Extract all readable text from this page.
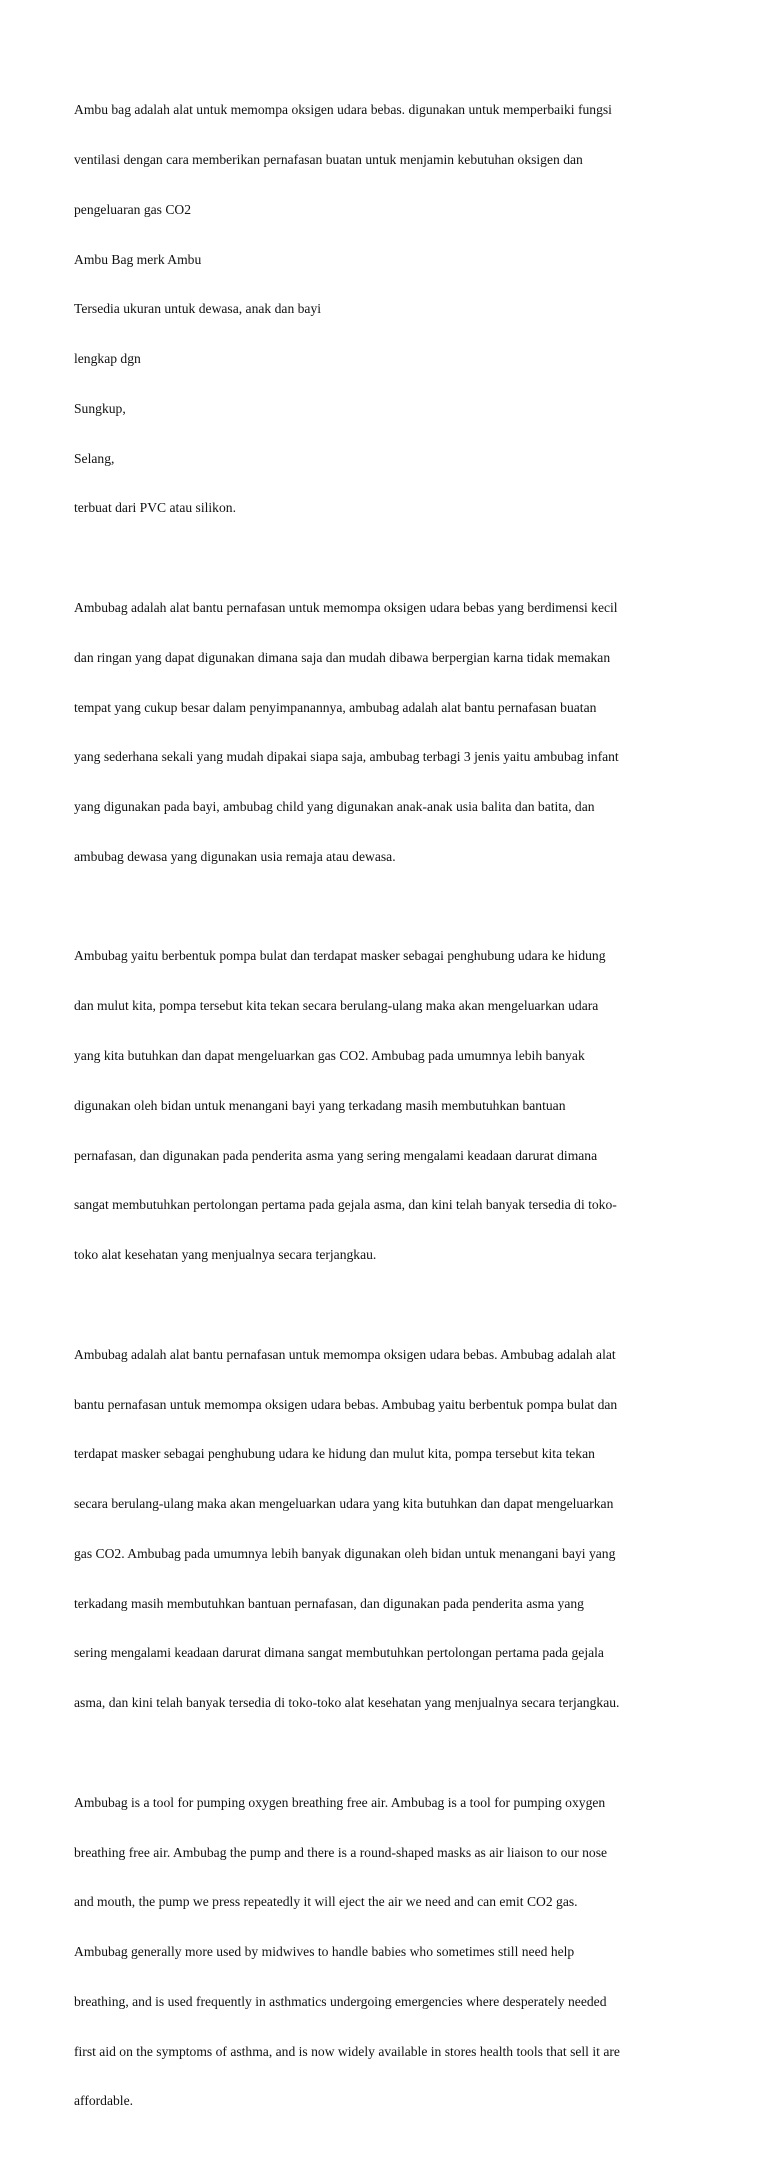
Ambu bag adalah alat untuk memompa oksigen udara bebas. digunakan untuk memperbaiki fungsi

ventilasi dengan cara memberikan pernafasan buatan untuk menjamin kebutuhan oksigen dan

pengeluaran gas CO2

Ambu Bag merk Ambu

Tersedia ukuran untuk dewasa, anak dan bayi

lengkap dgn

Sungkup,

Selang,

terbuat dari PVC atau silikon.

Ambubag adalah alat bantu pernafasan untuk memompa oksigen udara bebas yang berdimensi kecil

dan ringan yang dapat digunakan dimana saja dan mudah dibawa berpergian karna tidak memakan

tempat yang cukup besar dalam penyimpanannya, ambubag adalah alat bantu pernafasan buatan

yang sederhana sekali yang mudah dipakai siapa saja, ambubag terbagi 3 jenis yaitu ambubag infant

yang digunakan pada bayi, ambubag child yang digunakan anak-anak usia balita dan batita, dan

ambubag dewasa yang digunakan usia remaja atau dewasa.

Ambubag yaitu berbentuk pompa bulat dan terdapat masker sebagai penghubung udara ke hidung

dan mulut kita, pompa tersebut kita tekan secara berulang-ulang maka akan mengeluarkan udara

yang kita butuhkan dan dapat mengeluarkan gas CO2. Ambubag pada umumnya lebih banyak

digunakan oleh bidan untuk menangani bayi yang terkadang masih membutuhkan bantuan

pernafasan, dan digunakan pada penderita asma yang sering mengalami keadaan darurat dimana

sangat membutuhkan pertolongan pertama pada gejala asma, dan kini telah banyak tersedia di toko-

toko alat kesehatan yang menjualnya secara terjangkau.

Ambubag adalah alat bantu pernafasan untuk memompa oksigen udara bebas. Ambubag adalah alat

bantu pernafasan untuk memompa oksigen udara bebas. Ambubag yaitu berbentuk pompa bulat dan

terdapat masker sebagai penghubung udara ke hidung dan mulut kita, pompa tersebut kita tekan

secara berulang-ulang maka akan mengeluarkan udara yang kita butuhkan dan dapat mengeluarkan

gas CO2. Ambubag pada umumnya lebih banyak digunakan oleh bidan untuk menangani bayi yang

terkadang masih membutuhkan bantuan pernafasan, dan digunakan pada penderita asma yang

sering mengalami keadaan darurat dimana sangat membutuhkan pertolongan pertama pada gejala

asma, dan kini telah banyak tersedia di toko-toko alat kesehatan yang menjualnya secara terjangkau.

Ambubag is a tool for pumping oxygen breathing free air. Ambubag is a tool for pumping oxygen

breathing free air. Ambubag the pump and there is a round-shaped masks as air liaison to our nose

and mouth, the pump we press repeatedly it will eject the air we need and can emit CO2 gas.

Ambubag generally more used by midwives to handle babies who sometimes still need help

breathing, and is used frequently in asthmatics undergoing emergencies where desperately needed

first aid on the symptoms of asthma, and is now widely available in stores health tools that sell it are

affordable.
